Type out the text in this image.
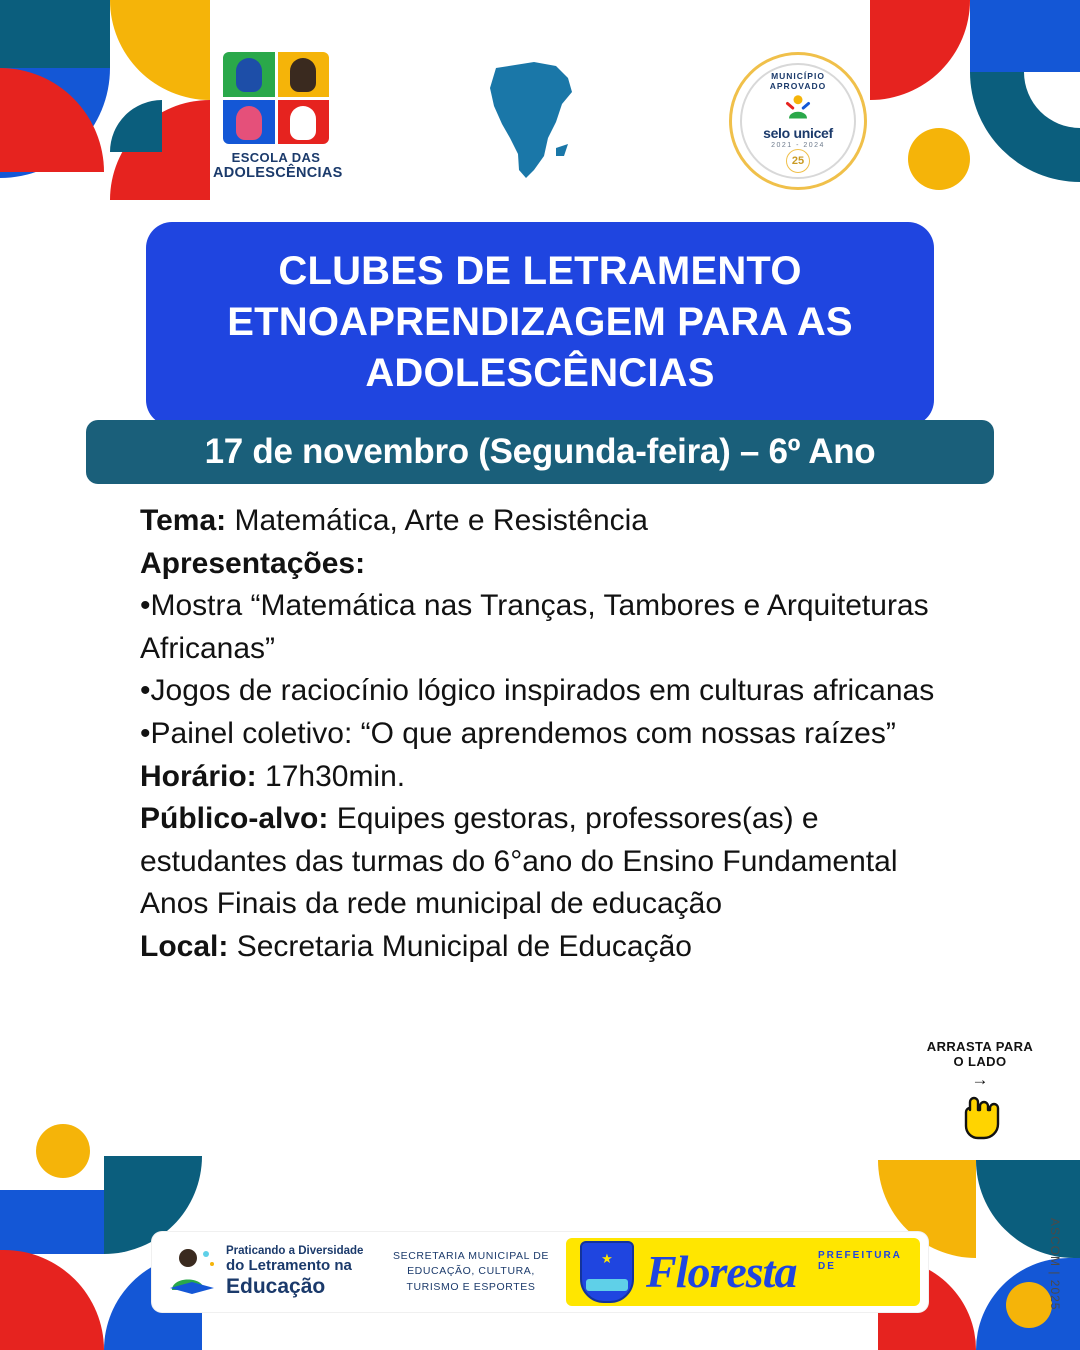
ESCOLA DAS
ADOLESCÊNCIAS
MUNICÍPIO APROVADO
selo unicef
2021 - 2024
25
CLUBES DE LETRAMENTO
ETNOAPRENDIZAGEM PARA AS
ADOLESCÊNCIAS
17 de novembro (Segunda-feira) – 6º Ano

Tema: Matemática, Arte e Resistência

Apresentações:

•Mostra “Matemática nas Tranças, Tambores e Arquiteturas Africanas”

•Jogos de raciocínio lógico inspirados em culturas africanas

•Painel coletivo: “O que aprendemos com nossas raízes”

Horário: 17h30min.

Público-alvo: Equipes gestoras, professores(as) e estudantes das turmas do 6°ano do Ensino Fundamental Anos Finais da rede municipal de educação

Local: Secretaria Municipal de Educação

ARRASTA PARA
O LADO
→
Praticando a Diversidade
do Letramento na
Educação
SECRETARIA MUNICIPAL DE
EDUCAÇÃO, CULTURA,
TURISMO E ESPORTES
★	PREFEITURA DE
Floresta	ASCOM | 2025
